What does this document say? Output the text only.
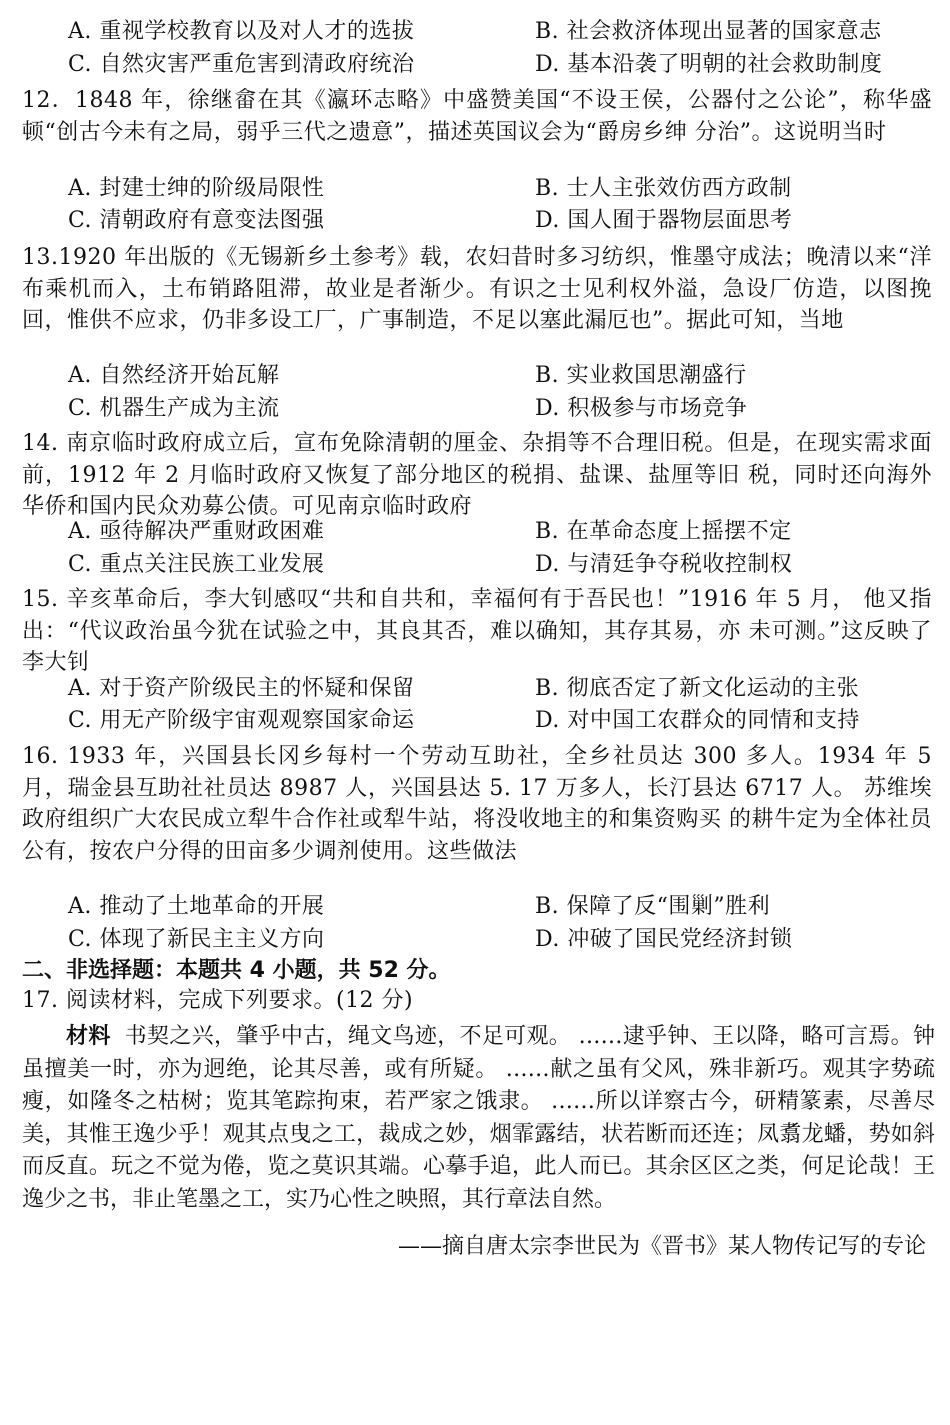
A. 重视学校教育以及对人才的选拔	B. 社会救济体现出显著的国家意志
C. 自然灾害严重危害到清政府统治	D. 基本沿袭了明朝的社会救助制度
12．1848 年，徐继畲在其《瀛环志略》中盛赞美国“不设王侯，公器付之公论”，称华盛顿“创古今未有之局，弱乎三代之遗意”，描述英国议会为“爵房乡绅 分治”。这说明当时
A. 封建士绅的阶级局限性	B. 士人主张效仿西方政制
C. 清朝政府有意变法图强	D. 国人囿于器物层面思考
13.1920 年出版的《无锡新乡土参考》载，农妇昔时多习纺织，惟墨守成法；晚清以来“洋布乘机而入，土布销路阻滞，故业是者渐少。有识之士见利权外溢，急设厂仿造，以图挽回，惟供不应求，仍非多设工厂，广事制造，不足以塞此漏厄也”。据此可知，当地
A. 自然经济开始瓦解	B. 实业救国思潮盛行
C. 机器生产成为主流	D. 积极参与市场竞争
14. 南京临时政府成立后，宣布免除清朝的厘金、杂捐等不合理旧税。但是，在现实需求面前，1912 年 2 月临时政府又恢复了部分地区的税捐、盐课、盐厘等旧 税，同时还向海外华侨和国内民众劝募公债。可见南京临时政府
A. 亟待解决严重财政困难	B. 在革命态度上摇摆不定
C. 重点关注民族工业发展	D. 与清廷争夺税收控制权
15. 辛亥革命后，李大钊感叹“共和自共和，幸福何有于吾民也！”1916 年 5 月， 他又指出：“代议政治虽今犹在试验之中，其良其否，难以确知，其存其易，亦 未可测。”这反映了李大钊
A. 对于资产阶级民主的怀疑和保留	B. 彻底否定了新文化运动的主张
C. 用无产阶级宇宙观观察国家命运	D. 对中国工农群众的同情和支持
16. 1933 年，兴国县长冈乡每村一个劳动互助社，全乡社员达 300 多人。1934 年 5 月，瑞金县互助社社员达 8987 人，兴国县达 5. 17 万多人，长汀县达 6717 人。 苏维埃政府组织广大农民成立犁牛合作社或犁牛站，将没收地主的和集资购买 的耕牛定为全体社员公有，按农户分得的田亩多少调剂使用。这些做法
A. 推动了土地革命的开展	B. 保障了反“围剿”胜利
C. 体现了新民主主义方向	D. 冲破了国民党经济封锁
二、非选择题：本题共 4 小题，共 52 分。
17. 阅读材料，完成下列要求。(12 分)
材料 书契之兴，肇乎中古，绳文鸟迹，不足可观。 ……逮乎钟、王以降，略可言焉。钟虽擅美一时，亦为迥绝，论其尽善，或有所疑。 ……献之虽有父风，殊非新巧。观其字势疏瘦，如隆冬之枯树；览其笔踪拘束，若严家之饿隶。 ……所以详察古今，研精篆素，尽善尽美，其惟王逸少乎！观其点曳之工，裁成之妙，烟霏露结，状若断而还连；凤翥龙蟠，势如斜而反直。玩之不觉为倦，览之莫识其端。心摹手追，此人而已。其余区区之类，何足论哉！王逸少之书，非止笔墨之工，实乃心性之映照，其行章法自然。
——摘自唐太宗李世民为《晋书》某人物传记写的专论
